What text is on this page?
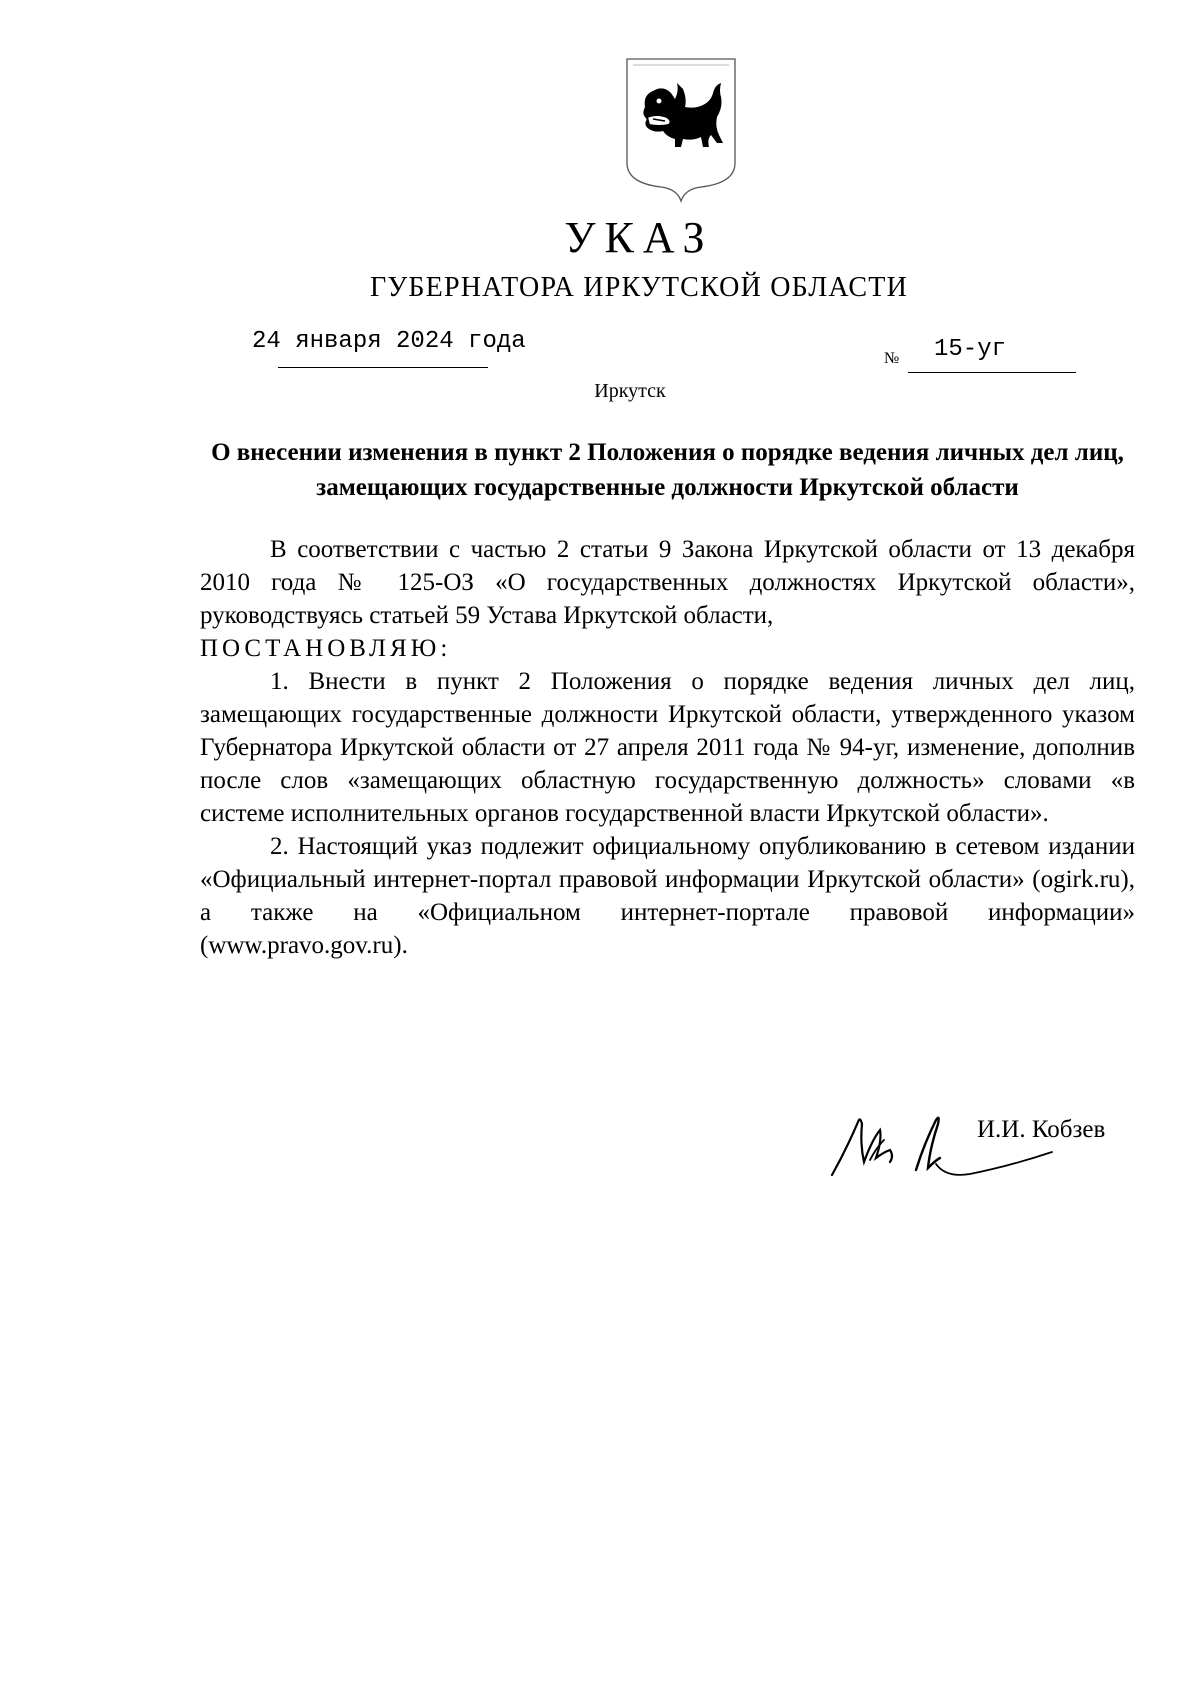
УКАЗ
ГУБЕРНАТОРА ИРКУТСКОЙ ОБЛАСТИ
24 января 2024 года
№ 15-уг
Иркутск
О внесении изменения в пункт 2 Положения о порядке ведения личных дел лиц, замещающих государственные должности Иркутской области

В соответствии с частью 2 статьи 9 Закона Иркутской области от 13 декабря 2010 года № 125-ОЗ «О государственных должностях Иркутской области», руководствуясь статьей 59 Устава Иркутской области,

ПОСТАНОВЛЯЮ:

1. Внести в пункт 2 Положения о порядке ведения личных дел лиц, замещающих государственные должности Иркутской области, утвержденного указом Губернатора Иркутской области от 27 апреля 2011 года № 94-уг, изменение, дополнив после слов «замещающих областную государственную должность» словами «в системе исполнительных органов государственной власти Иркутской области».

2. Настоящий указ подлежит официальному опубликованию в сетевом издании «Официальный интернет-портал правовой информации Иркутской области» (ogirk.ru), а также на «Официальном интернет-портале правовой информации» (www.pravo.gov.ru).

И.И. Кобзев
